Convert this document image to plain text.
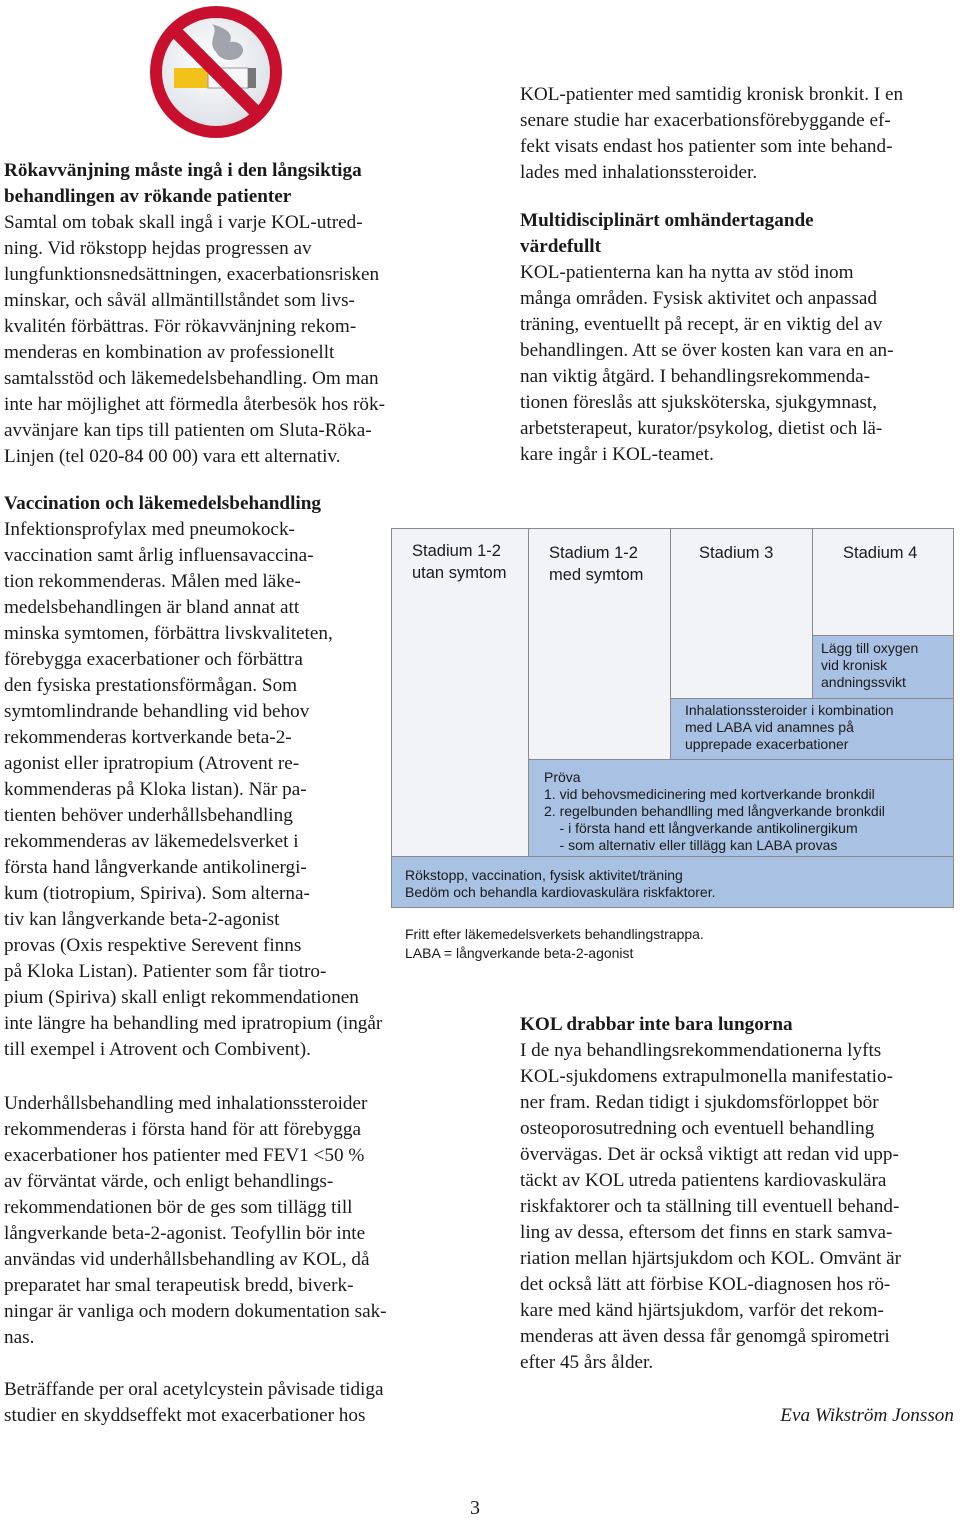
Rökavvänjning måste ingå i den långsiktiga
behandlingen av rökande patienter
Samtal om tobak skall ingå i varje KOL-utred-
ning. Vid rökstopp hejdas progressen av
lungfunktionsnedsättningen, exacerbationsrisken
minskar, och såväl allmäntillståndet som livs-
kvalitén förbättras. För rökavvänjning rekom-
menderas en kombination av professionellt
samtalsstöd och läkemedelsbehandling. Om man
inte har möjlighet att förmedla återbesök hos rök-
avvänjare kan tips till patienten om Sluta-Röka-
Linjen (tel 020-84 00 00) vara ett alternativ.
Vaccination och läkemedelsbehandling
Infektionsprofylax med pneumokock-
vaccination samt årlig influensavaccina-
tion rekommenderas. Målen med läke-
medelsbehandlingen är bland annat att
minska symtomen, förbättra livskvaliteten,
förebygga exacerbationer och förbättra
den fysiska prestationsförmågan. Som
symtomlindrande behandling vid behov
rekommenderas kortverkande beta-2-
agonist eller ipratropium (Atrovent re-
kommenderas på Kloka listan). När pa-
tienten behöver underhållsbehandling
rekommenderas av läkemedelsverket i
första hand långverkande antikolinergi-
kum (tiotropium, Spiriva). Som alterna-
tiv kan långverkande beta-2-agonist
provas (Oxis respektive Serevent finns
på Kloka Listan). Patienter som får tiotro-
pium (Spiriva) skall enligt rekommendationen
inte längre ha behandling med ipratropium (ingår
till exempel i Atrovent och Combivent).
Underhållsbehandling med inhalationssteroider
rekommenderas i första hand för att förebygga
exacerbationer hos patienter med FEV1 <50 %
av förväntat värde, och enligt behandlings-
rekommendationen bör de ges som tillägg till
långverkande beta-2-agonist. Teofyllin bör inte
användas vid underhållsbehandling av KOL, då
preparatet har smal terapeutisk bredd, biverk-
ningar är vanliga och modern dokumentation sak-
nas.
Beträffande per oral acetylcystein påvisade tidiga
studier en skyddseffekt mot exacerbationer hos
KOL-patienter med samtidig kronisk bronkit. I en
senare studie har exacerbationsförebyggande ef-
fekt visats endast hos patienter som inte behand-
lades med inhalationssteroider.
Multidisciplinärt omhändertagande
värdefullt
KOL-patienterna kan ha nytta av stöd inom
många områden. Fysisk aktivitet och anpassad
träning, eventuellt på recept, är en viktig del av
behandlingen. Att se över kosten kan vara en an-
nan viktig åtgärd. I behandlingsrekommenda-
tionen föreslås att sjuksköterska, sjukgymnast,
arbetsterapeut, kurator/psykolog, dietist och lä-
kare ingår i KOL-teamet.
Stadium 1-2
utan symtom
Stadium 1-2
med symtom
Stadium 3	Stadium 4
Lägg till oxygen
vid kronisk
andningssvikt
Inhalationssteroider i kombination
med LABA vid anamnes på
upprepade exacerbationer
Pröva
1. vid behovsmedicinering med kortverkande bronkdil
2. regelbunden behandlling med långverkande bronkdil
- i första hand ett långverkande antikolinergikum
- som alternativ eller tillägg kan LABA provas
Rökstopp, vaccination, fysisk aktivitet/träning
Bedöm och behandla kardiovaskulära riskfaktorer.
Fritt efter läkemedelsverkets behandlingstrappa.
LABA = långverkande beta-2-agonist
KOL drabbar inte bara lungorna
I de nya behandlingsrekommendationerna lyfts
KOL-sjukdomens extrapulmonella manifestatio-
ner fram. Redan tidigt i sjukdomsförloppet bör
osteoporosutredning och eventuell behandling
övervägas. Det är också viktigt att redan vid upp-
täckt av KOL utreda patientens kardiovaskulära
riskfaktorer och ta ställning till eventuell behand-
ling av dessa, eftersom det finns en stark samva-
riation mellan hjärtsjukdom och KOL. Omvänt är
det också lätt att förbise KOL-diagnosen hos rö-
kare med känd hjärtsjukdom, varför det rekom-
menderas att även dessa får genomgå spirometri
efter 45 års ålder.
Eva Wikström Jonsson
3
